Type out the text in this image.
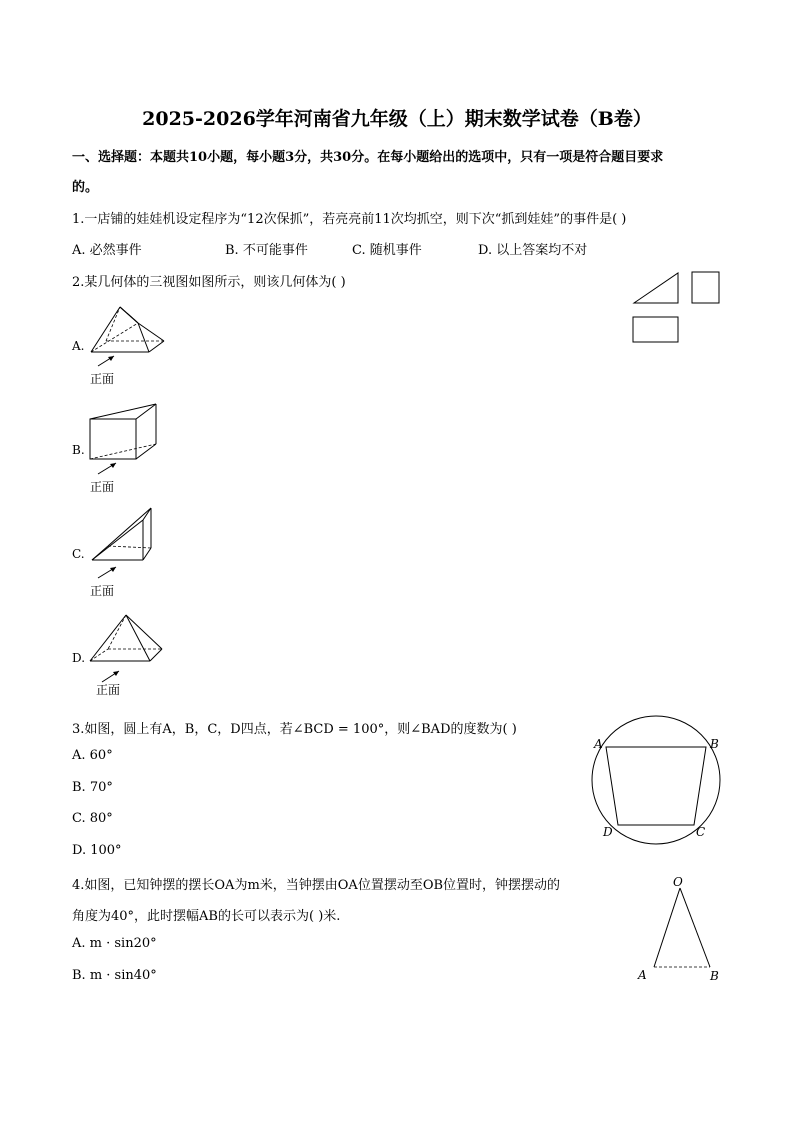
2025-2026学年河南省九年级（上）期末数学试卷（B卷）
一、选择题：本题共10小题，每小题3分，共30分。在每小题给出的选项中，只有一项是符合题目要求
的。
1.一店铺的娃娃机设定程序为“12次保抓”，若亮亮前11次均抓空，则下次“抓到娃娃”的事件是( )
A. 必然事件	B. 不可能事件	C. 随机事件	D. 以上答案均不对
2.某几何体的三视图如图所示，则该几何体为( )
A.
正面
B.
正面
C.
正面
D.
正面
3.如图，圆上有A，B，C，D四点，若∠BCD = 100°，则∠BAD的度数为( )
A. 60°
B. 70°
C. 80°
D. 100°
A	B
C
D
4.如图，已知钟摆的摆长OA为m米，当钟摆由OA位置摆动至OB位置时，钟摆摆动的
角度为40°，此时摆幅AB的长可以表示为( )米.
A. m · sin20°
B. m · sin40°
O
A	B
